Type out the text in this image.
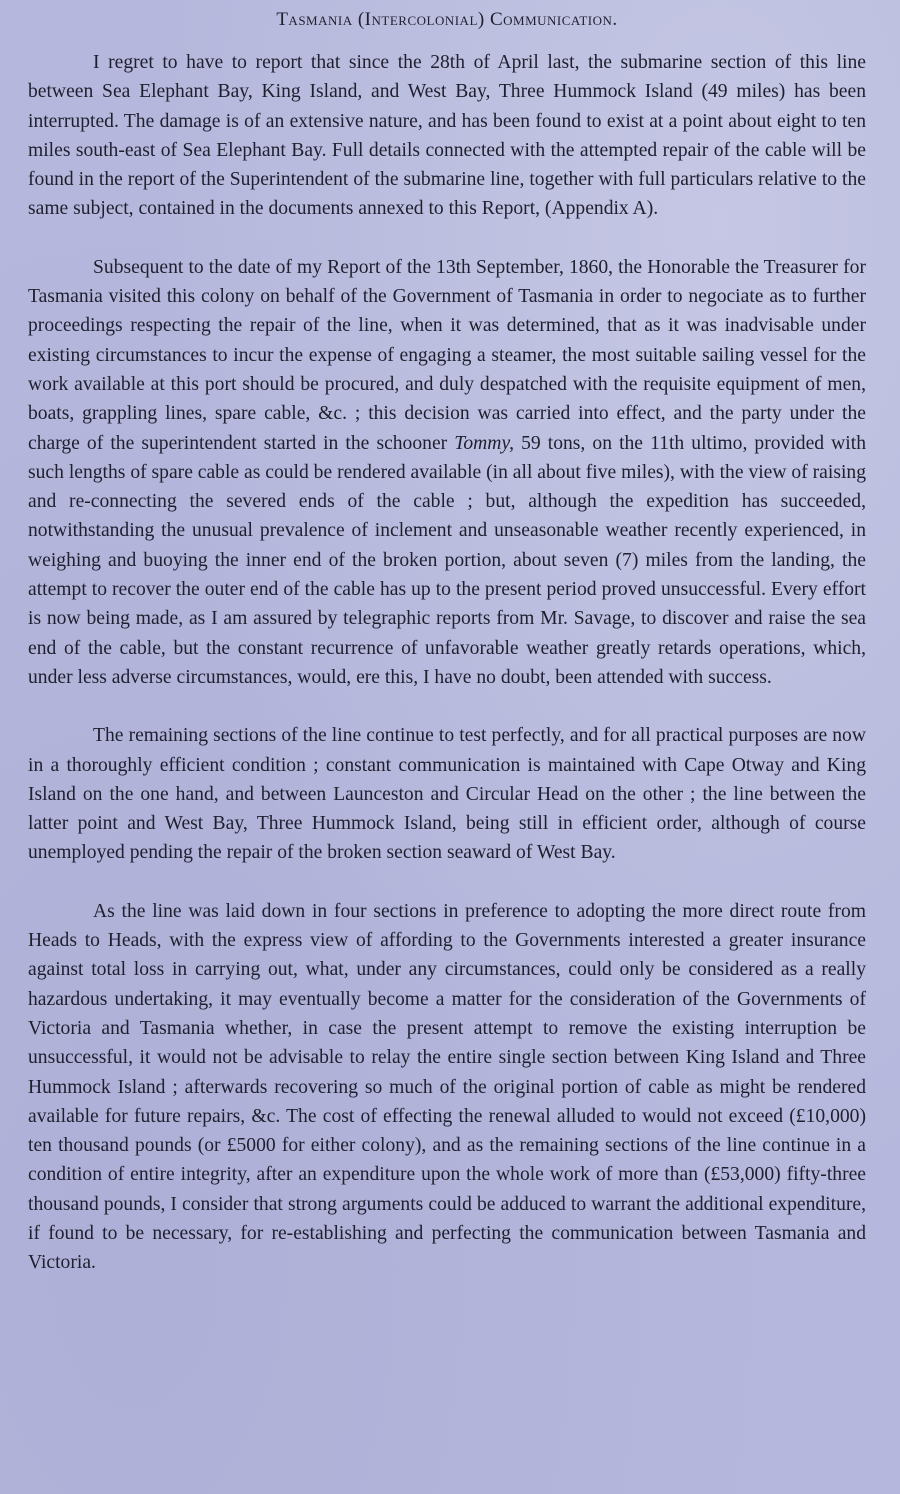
Tasmania (Intercolonial) Communication.

I regret to have to report that since the 28th of April last, the submarine section of this line between Sea Elephant Bay, King Island, and West Bay, Three Hummock Island (49 miles) has been interrupted. The damage is of an extensive nature, and has been found to exist at a point about eight to ten miles south-east of Sea Elephant Bay. Full details connected with the attempted repair of the cable will be found in the report of the Superintendent of the submarine line, together with full particulars relative to the same subject, contained in the documents annexed to this Report, (Appendix A).

Subsequent to the date of my Report of the 13th September, 1860, the Honorable the Treasurer for Tasmania visited this colony on behalf of the Government of Tasmania in order to negociate as to further proceedings respecting the repair of the line, when it was determined, that as it was inadvisable under existing circumstances to incur the expense of engaging a steamer, the most suitable sailing vessel for the work available at this port should be procured, and duly despatched with the requisite equipment of men, boats, grappling lines, spare cable, &c. ; this decision was carried into effect, and the party under the charge of the superintendent started in the schooner Tommy, 59 tons, on the 11th ultimo, provided with such lengths of spare cable as could be rendered available (in all about five miles), with the view of raising and re-connecting the severed ends of the cable ; but, although the expedition has succeeded, notwithstanding the unusual prevalence of inclement and unseasonable weather recently experienced, in weighing and buoying the inner end of the broken portion, about seven (7) miles from the landing, the attempt to recover the outer end of the cable has up to the present period proved unsuccessful. Every effort is now being made, as I am assured by telegraphic reports from Mr. Savage, to discover and raise the sea end of the cable, but the constant recurrence of unfavorable weather greatly retards operations, which, under less adverse circumstances, would, ere this, I have no doubt, been attended with success.

The remaining sections of the line continue to test perfectly, and for all practical purposes are now in a thoroughly efficient condition ; constant communication is maintained with Cape Otway and King Island on the one hand, and between Launceston and Circular Head on the other ; the line between the latter point and West Bay, Three Hummock Island, being still in efficient order, although of course unemployed pending the repair of the broken section seaward of West Bay.

As the line was laid down in four sections in preference to adopting the more direct route from Heads to Heads, with the express view of affording to the Governments interested a greater insurance against total loss in carrying out, what, under any circumstances, could only be considered as a really hazardous undertaking, it may eventually become a matter for the consideration of the Governments of Victoria and Tasmania whether, in case the present attempt to remove the existing interruption be unsuccessful, it would not be advisable to relay the entire single section between King Island and Three Hummock Island ; afterwards recovering so much of the original portion of cable as might be rendered available for future repairs, &c. The cost of effecting the renewal alluded to would not exceed (£10,000) ten thousand pounds (or £5000 for either colony), and as the remaining sections of the line continue in a condition of entire integrity, after an expenditure upon the whole work of more than (£53,000) fifty-three thousand pounds, I consider that strong arguments could be adduced to warrant the additional expenditure, if found to be necessary, for re-establishing and perfecting the communication between Tasmania and Victoria.
